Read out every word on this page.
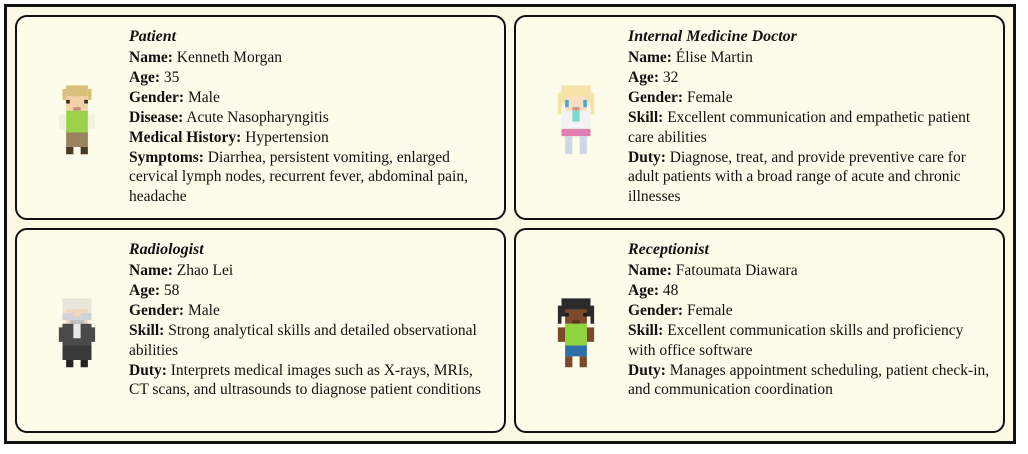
Patient

Name: Kenneth Morgan

Age: 35

Gender: Male

Disease: Acute Nasopharyngitis

Medical History: Hypertension

Symptoms: Diarrhea, persistent vomiting, enlarged cervical lymph nodes, recurrent fever, abdominal pain, headache

Internal Medicine Doctor

Name: Élise Martin

Age: 32

Gender: Female

Skill: Excellent communication and empathetic patient care abilities

Duty: Diagnose, treat, and provide preventive care for adult patients with a broad range of acute and chronic illnesses

Radiologist

Name: Zhao Lei

Age: 58

Gender: Male

Skill: Strong analytical skills and detailed observational abilities

Duty: Interprets medical images such as X-rays, MRIs, CT scans, and ultrasounds to diagnose patient conditions

Receptionist

Name: Fatoumata Diawara

Age: 48

Gender: Female

Skill: Excellent communication skills and proficiency with office software

Duty: Manages appointment scheduling, patient check-in, and communication coordination
